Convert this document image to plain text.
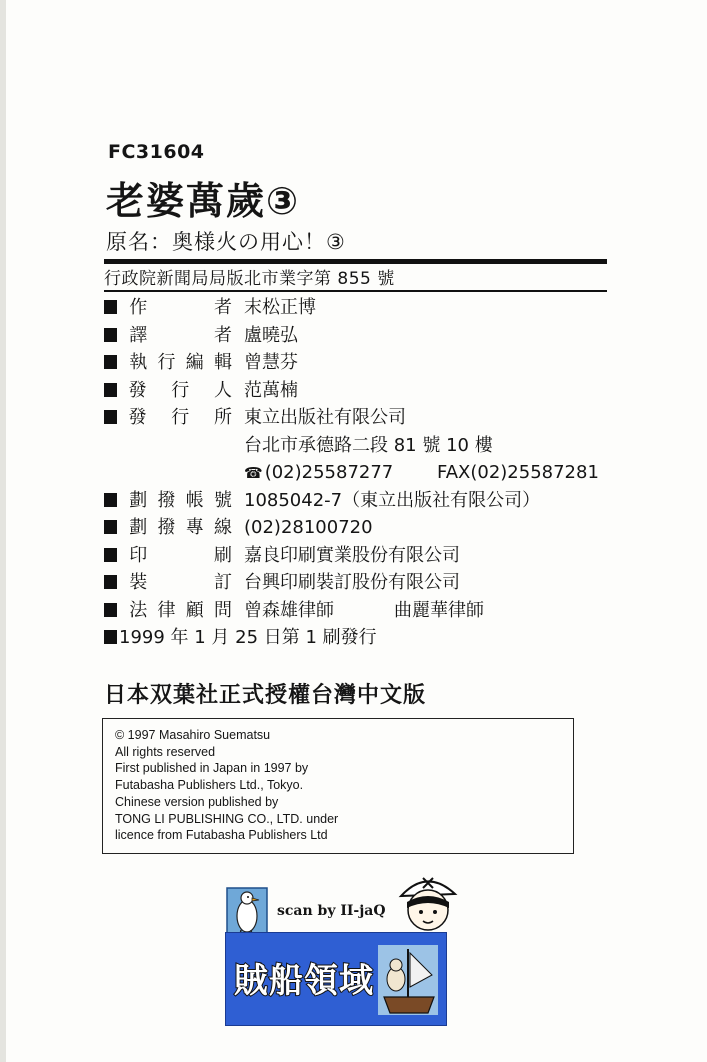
FC31604
老婆萬歲③
原名：奥様火の用心！③
行政院新聞局局版北市業字第 855 號
作　　者 末松正博
譯　　者 盧曉弘
執行編輯 曾慧芬
發 行 人 范萬楠
發 行 所 東立出版社有限公司
台北市承德路二段 81 號 10 樓
☎ (02)25587277 FAX(02)25587281
劃撥帳號 1085042-7（東立出版社有限公司）
劃撥專線 (02)28100720
印　　刷 嘉良印刷實業股份有限公司
裝　　訂 台興印刷裝訂股份有限公司
法律顧問 曾森雄律師	曲麗華律師
1999 年 1 月 25 日第 1 刷發行
日本双葉社正式授權台灣中文版
© 1997 Masahiro Suematsu
All rights reserved
First published in Japan in 1997 by
Futabasha Publishers Ltd., Tokyo.
Chinese version published by
TONG LI PUBLISHING CO., LTD. under
licence from Futabasha Publishers Ltd
scan by II-jaQ
賊船領域
